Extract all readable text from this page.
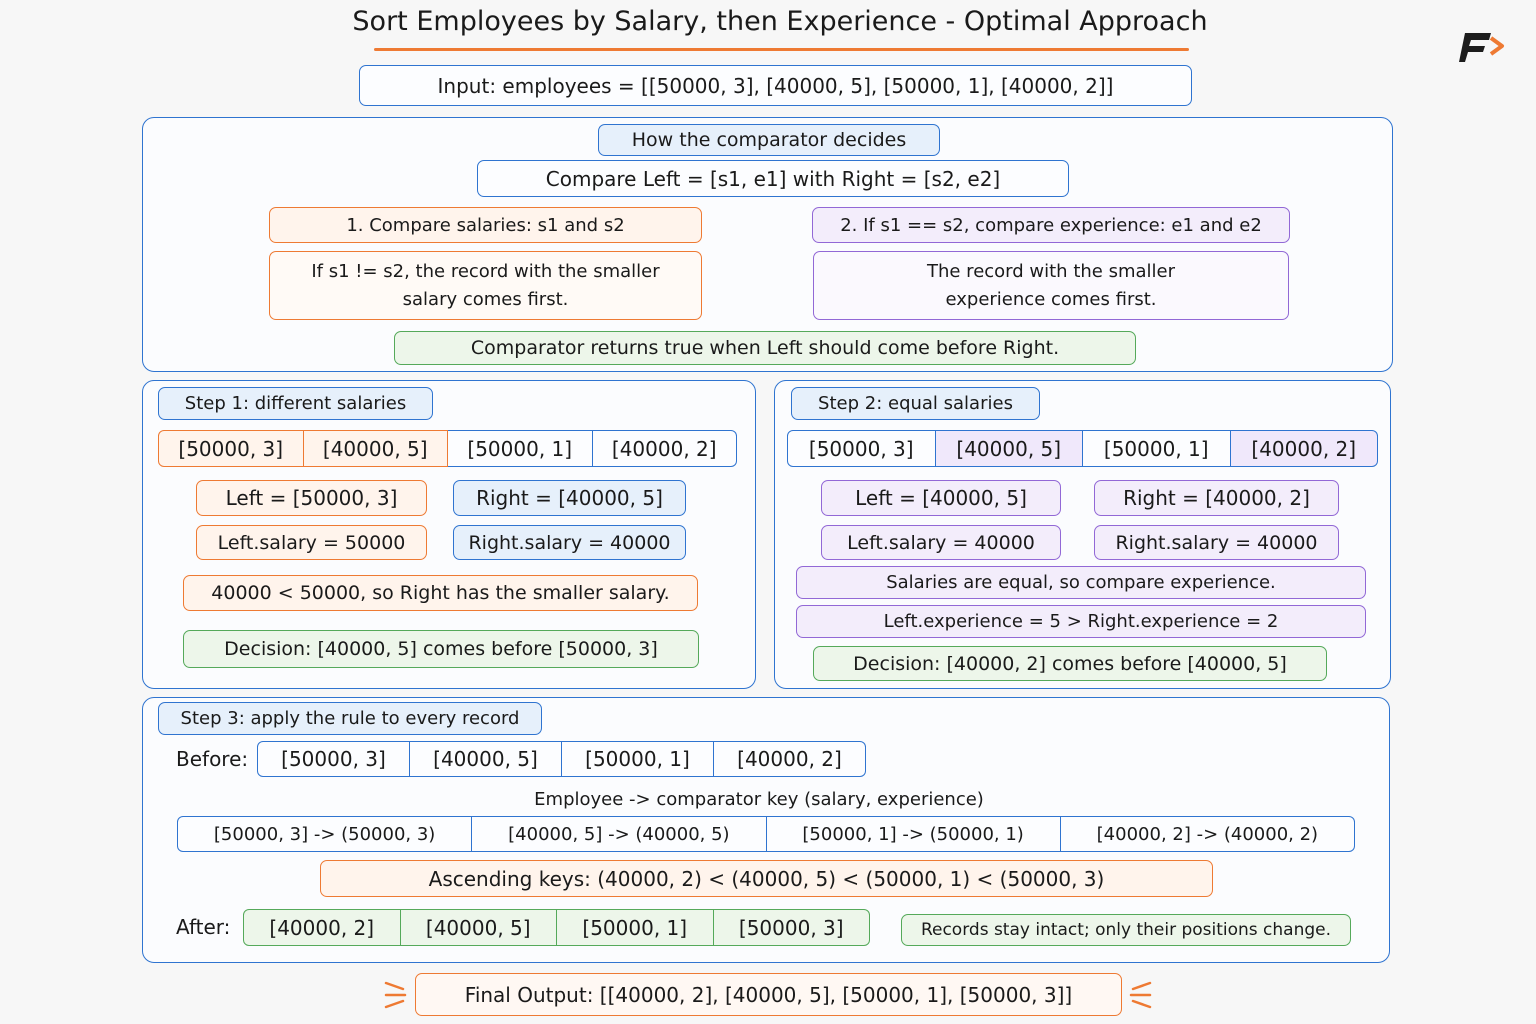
Sort Employees by Salary, then Experience - Optimal Approach
Input: employees = [[50000, 3], [40000, 5], [50000, 1], [40000, 2]]
How the comparator decides
Compare Left = [s1, e1] with Right = [s2, e2]
1. Compare salaries: s1 and s2
If s1 != s2, the record with the smaller
salary comes first.
2. If s1 == s2, compare experience: e1 and e2
The record with the smaller
experience comes first.
Comparator returns true when Left should come before Right.
Step 1: different salaries
[50000, 3]	[40000, 5]	[50000, 1]	[40000, 2]
Left = [50000, 3]	Right = [40000, 5]
Left.salary = 50000	Right.salary = 40000
40000 < 50000, so Right has the smaller salary.
Decision: [40000, 5] comes before [50000, 3]
Step 2: equal salaries
[50000, 3]	[40000, 5]	[50000, 1]	[40000, 2]
Left = [40000, 5]	Right = [40000, 2]
Left.salary = 40000	Right.salary = 40000
Salaries are equal, so compare experience.
Left.experience = 5 > Right.experience = 2
Decision: [40000, 2] comes before [40000, 5]
Step 3: apply the rule to every record
Before:	[50000, 3]	[40000, 5]	[50000, 1]	[40000, 2]
Employee -> comparator key (salary, experience)
[50000, 3] -> (50000, 3)	[40000, 5] -> (40000, 5)	[50000, 1] -> (50000, 1)	[40000, 2] -> (40000, 2)
Ascending keys: (40000, 2) < (40000, 5) < (50000, 1) < (50000, 3)
After:	[40000, 2]	[40000, 5]	[50000, 1]	[50000, 3]	Records stay intact; only their positions change.
Final Output: [[40000, 2], [40000, 5], [50000, 1], [50000, 3]]
